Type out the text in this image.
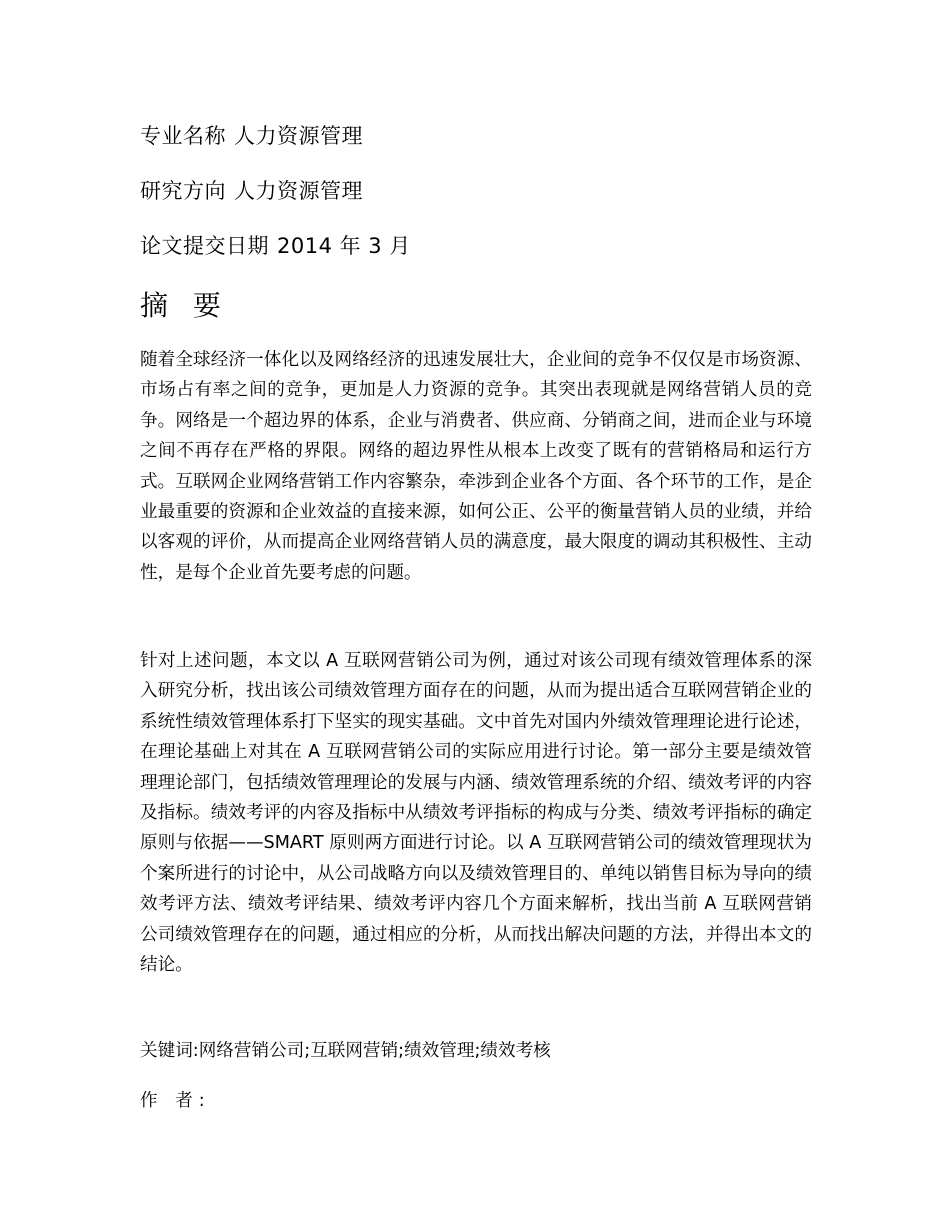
专业名称 人力资源管理
研究方向 人力资源管理
论文提交日期 2014 年 3 月
摘 要

随着全球经济一体化以及网络经济的迅速发展壮大，企业间的竞争不仅仅是市场资源、市场占有率之间的竞争，更加是人力资源的竞争。其突出表现就是网络营销人员的竞争。网络是一个超边界的体系，企业与消费者、供应商、分销商之间，进而企业与环境之间不再存在严格的界限。网络的超边界性从根本上改变了既有的营销格局和运行方式。互联网企业网络营销工作内容繁杂，牵涉到企业各个方面、各个环节的工作，是企业最重要的资源和企业效益的直接来源，如何公正、公平的衡量营销人员的业绩，并给以客观的评价，从而提高企业网络营销人员的满意度，最大限度的调动其积极性、主动性，是每个企业首先要考虑的问题。

针对上述问题，本文以 A 互联网营销公司为例，通过对该公司现有绩效管理体系的深入研究分析，找出该公司绩效管理方面存在的问题，从而为提出适合互联网营销企业的系统性绩效管理体系打下坚实的现实基础。文中首先对国内外绩效管理理论进行论述，在理论基础上对其在 A 互联网营销公司的实际应用进行讨论。第一部分主要是绩效管理理论部门，包括绩效管理理论的发展与内涵、绩效管理系统的介绍、绩效考评的内容及指标。绩效考评的内容及指标中从绩效考评指标的构成与分类、绩效考评指标的确定原则与依据——SMART 原则两方面进行讨论。以 A 互联网营销公司的绩效管理现状为个案所进行的讨论中，从公司战略方向以及绩效管理目的、单纯以销售目标为导向的绩效考评方法、绩效考评结果、绩效考评内容几个方面来解析，找出当前 A 互联网营销公司绩效管理存在的问题，通过相应的分析，从而找出解决问题的方法，并得出本文的结论。

关键词:网络营销公司;互联网营销;绩效管理;绩效考核
作 者:
